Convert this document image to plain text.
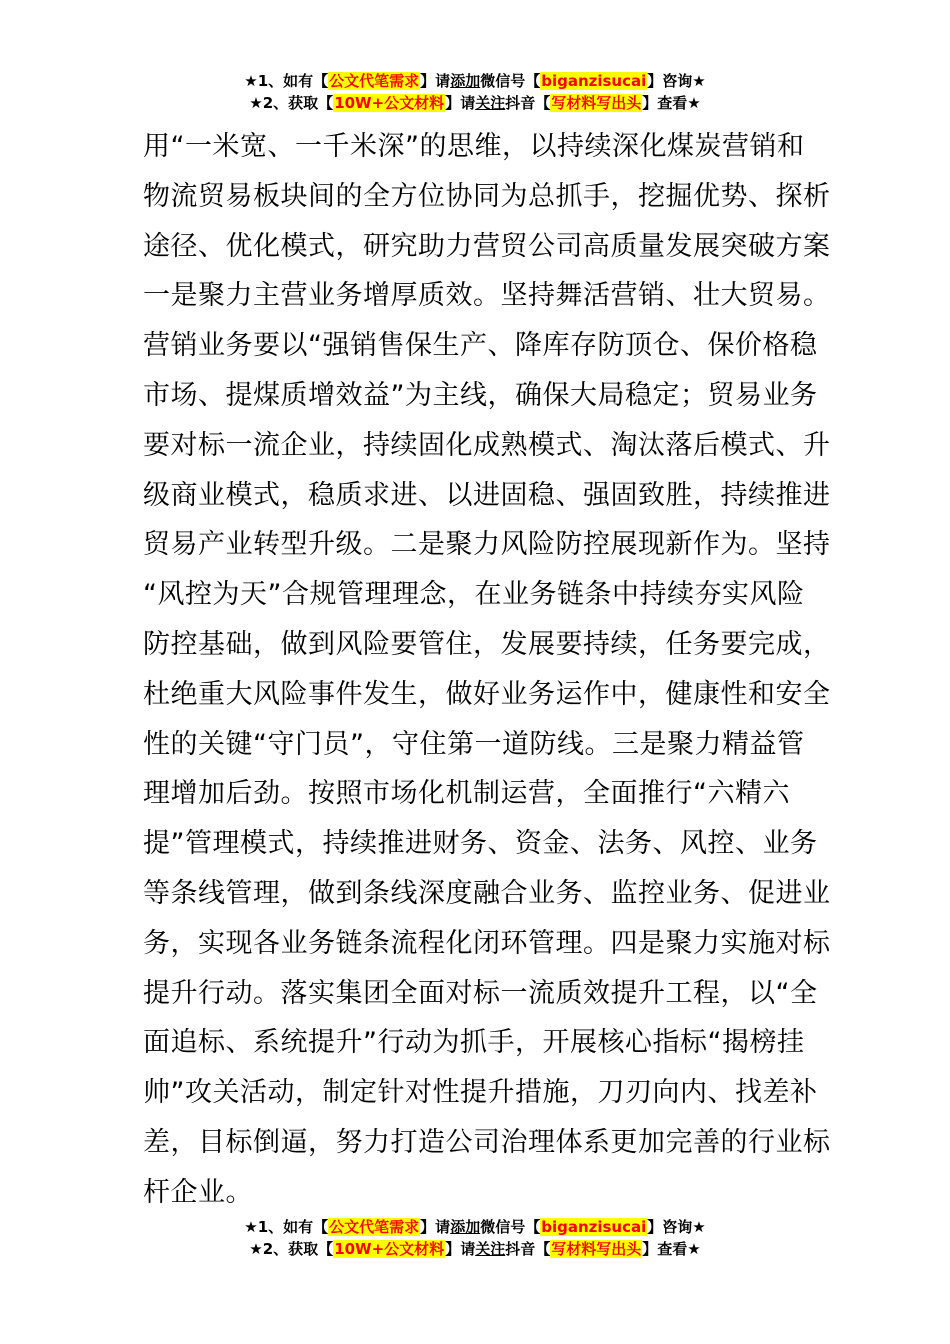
★1、如有【公文代笔需求】请添加微信号【biganzisucai】咨询★
★2、获取【10W+公文材料】请关注抖音【写材料写出头】查看★
用“一米宽、一千米深”的思维，以持续深化煤炭营销和
物流贸易板块间的全方位协同为总抓手，挖掘优势、探析
途径、优化模式，研究助力营贸公司高质量发展突破方案
一是聚力主营业务增厚质效。坚持舞活营销、壮大贸易。
营销业务要以“强销售保生产、降库存防顶仓、保价格稳
市场、提煤质增效益”为主线，确保大局稳定；贸易业务
要对标一流企业，持续固化成熟模式、淘汰落后模式、升
级商业模式，稳质求进、以进固稳、强固致胜，持续推进
贸易产业转型升级。二是聚力风险防控展现新作为。坚持
“风控为天”合规管理理念，在业务链条中持续夯实风险
防控基础，做到风险要管住，发展要持续，任务要完成，
杜绝重大风险事件发生，做好业务运作中，健康性和安全
性的关键“守门员”，守住第一道防线。三是聚力精益管
理增加后劲。按照市场化机制运营，全面推行“六精六
提”管理模式，持续推进财务、资金、法务、风控、业务
等条线管理，做到条线深度融合业务、监控业务、促进业
务，实现各业务链条流程化闭环管理。四是聚力实施对标
提升行动。落实集团全面对标一流质效提升工程，以“全
面追标、系统提升”行动为抓手，开展核心指标“揭榜挂
帅”攻关活动，制定针对性提升措施，刀刃向内、找差补
差，目标倒逼，努力打造公司治理体系更加完善的行业标
杆企业。
★1、如有【公文代笔需求】请添加微信号【biganzisucai】咨询★
★2、获取【10W+公文材料】请关注抖音【写材料写出头】查看★
